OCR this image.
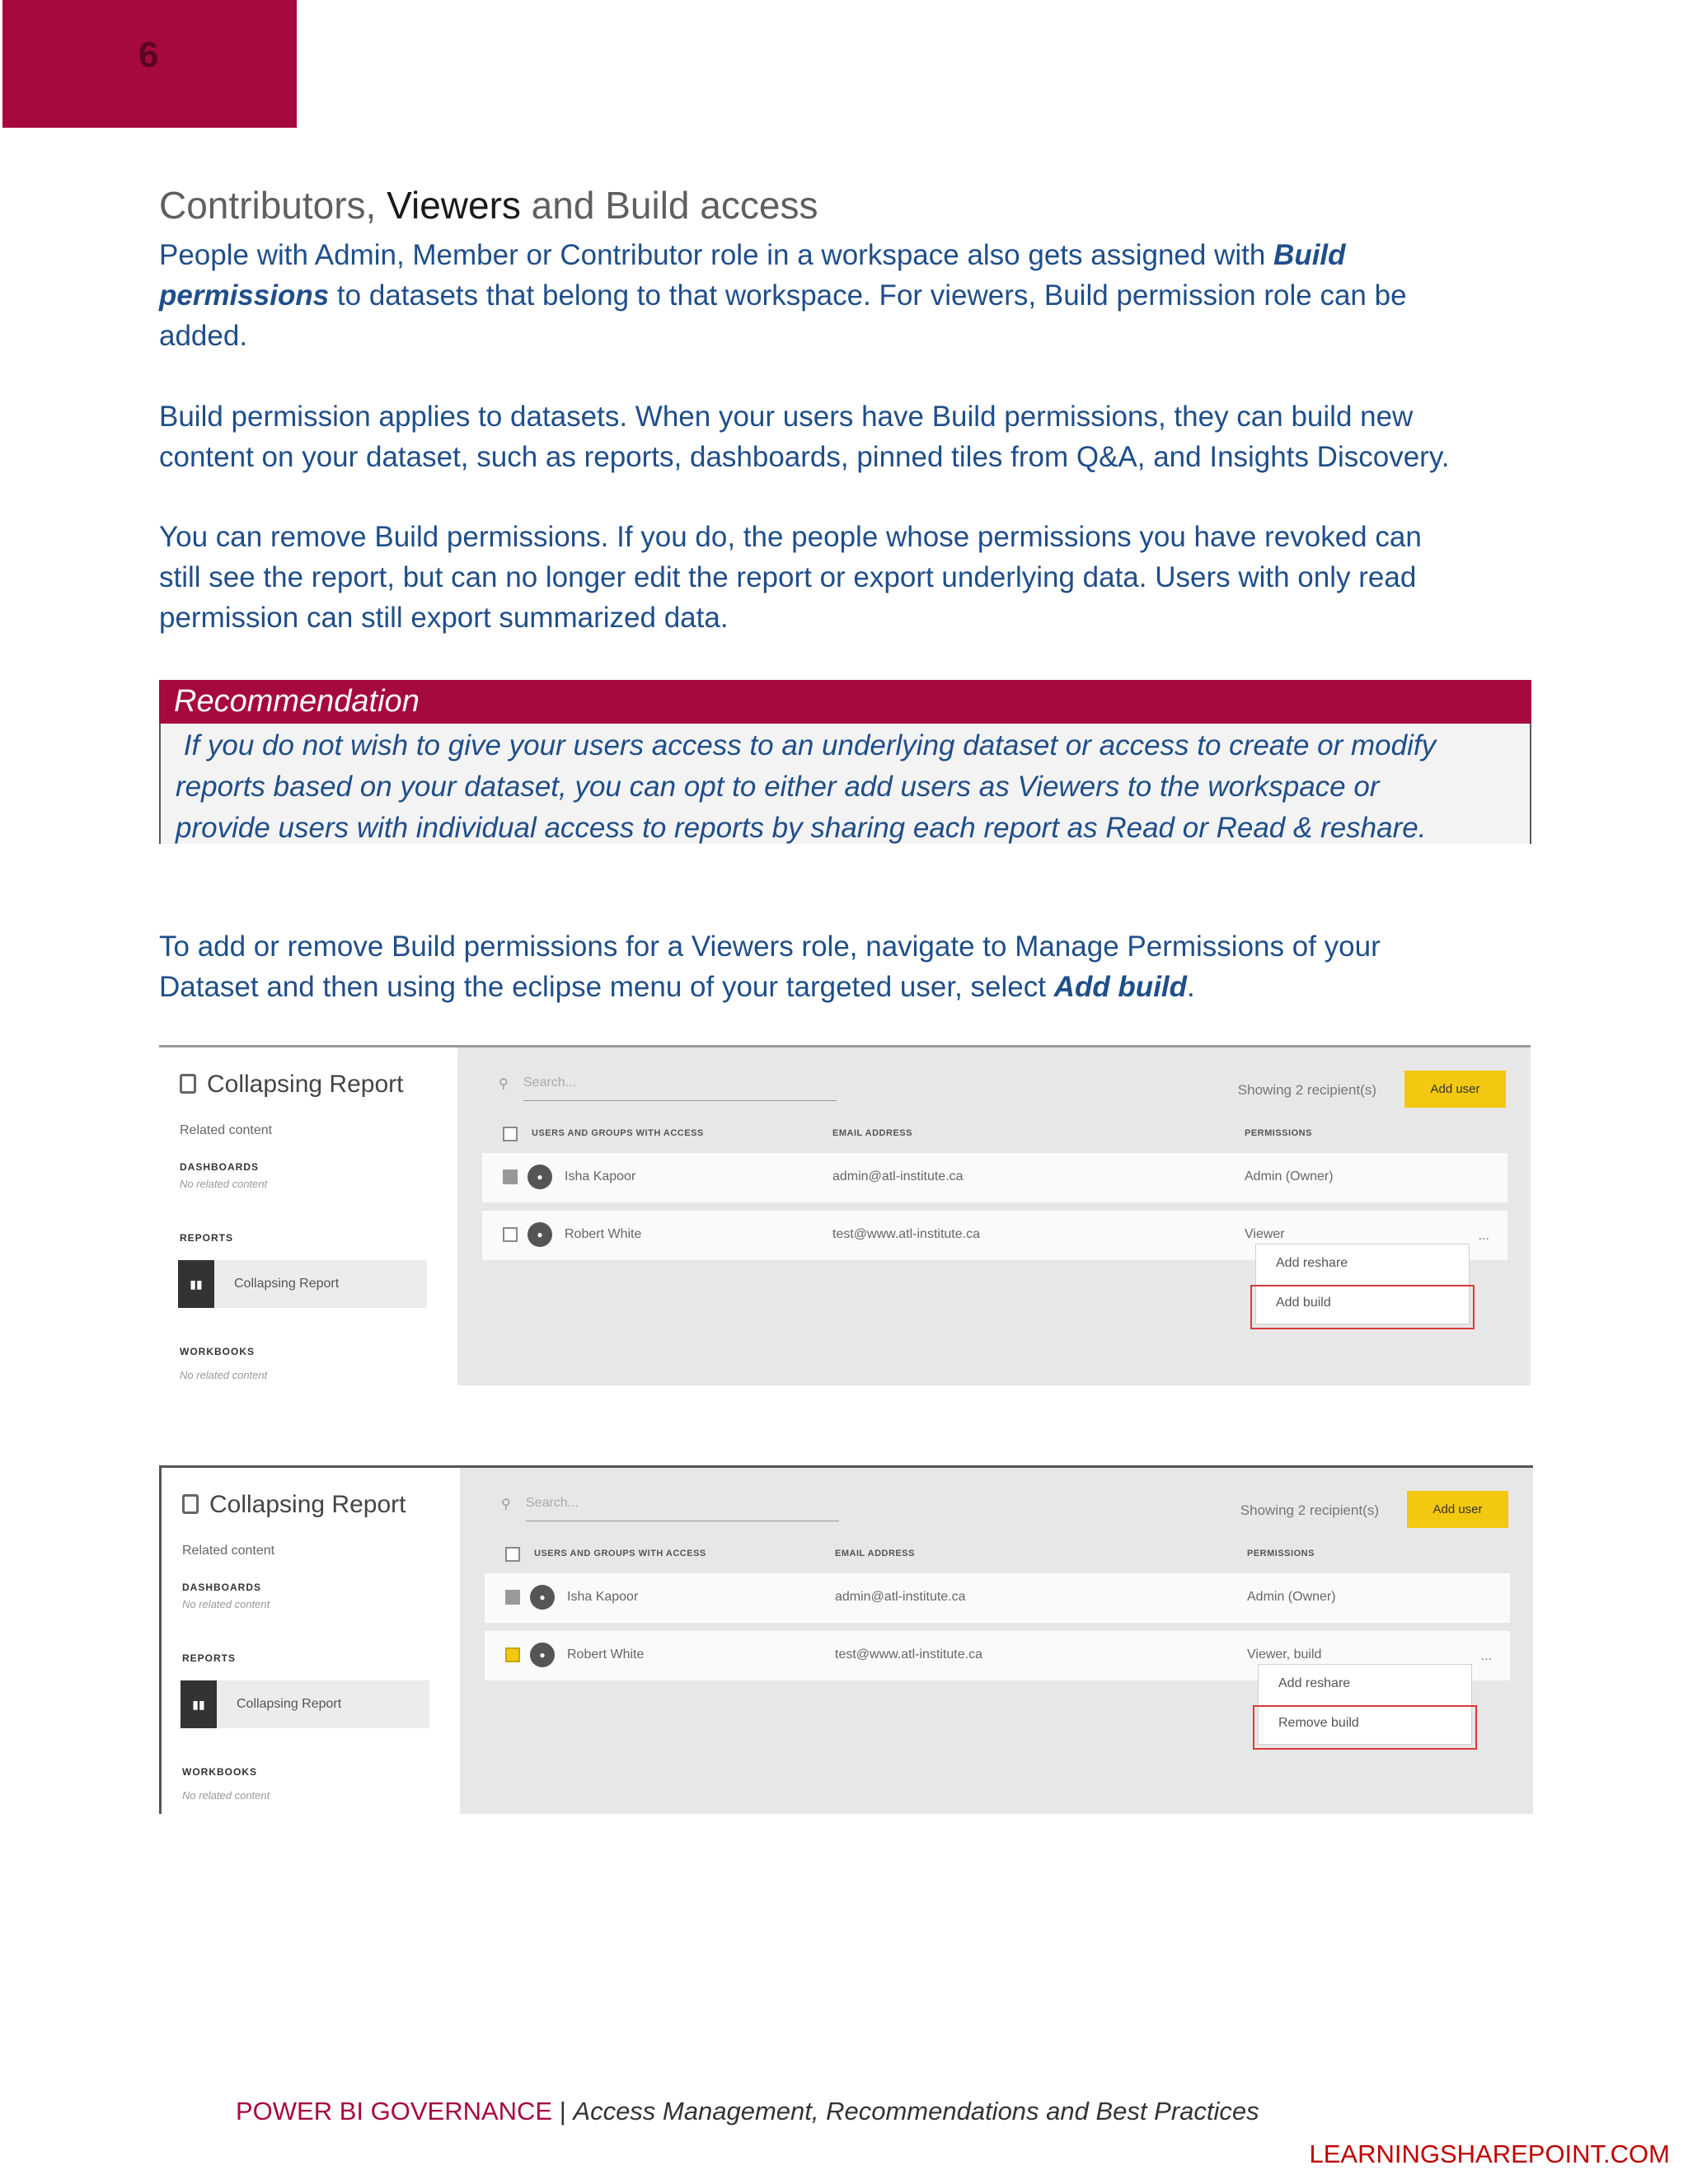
6
Contributors, Viewers and Build access
People with Admin, Member or Contributor role in a workspace also gets assigned with Build
permissions to datasets that belong to that workspace. For viewers, Build permission role can be
added.
Build permission applies to datasets. When your users have Build permissions, they can build new
content on your dataset, such as reports, dashboards, pinned tiles from Q&A, and Insights Discovery.
You can remove Build permissions. If you do, the people whose permissions you have revoked can
still see the report, but can no longer edit the report or export underlying data. Users with only read
permission can still export summarized data.
Recommendation
If you do not wish to give your users access to an underlying dataset or access to create or modify
reports based on your dataset, you can opt to either add users as Viewers to the workspace or
provide users with individual access to reports by sharing each report as Read or Read & reshare.
To add or remove Build permissions for a Viewers role, navigate to Manage Permissions of your
Dataset and then using the eclipse menu of your targeted user, select Add build.
Collapsing Report
Related content
DASHBOARDS
No related content
REPORTS
▮▮	Collapsing Report
WORKBOOKS
No related content
⚲ Search...	Showing 2 recipient(s)	Add user
USERS AND GROUPS WITH ACCESS	EMAIL ADDRESS	PERMISSIONS
●	Isha Kapoor	admin@atl-institute.ca	Admin (Owner)
●	Robert White	test@www.atl-institute.ca	Viewer	...
Add reshare
Add build
Collapsing Report
Related content
DASHBOARDS
No related content
REPORTS
▮▮	Collapsing Report
WORKBOOKS
No related content
⚲ Search...	Showing 2 recipient(s)	Add user
USERS AND GROUPS WITH ACCESS	EMAIL ADDRESS	PERMISSIONS
●	Isha Kapoor	admin@atl-institute.ca	Admin (Owner)
●	Robert White	test@www.atl-institute.ca	Viewer, build	...
Add reshare
Remove build
POWER BI GOVERNANCE | Access Management, Recommendations and Best Practices
LEARNINGSHAREPOINT.COM
